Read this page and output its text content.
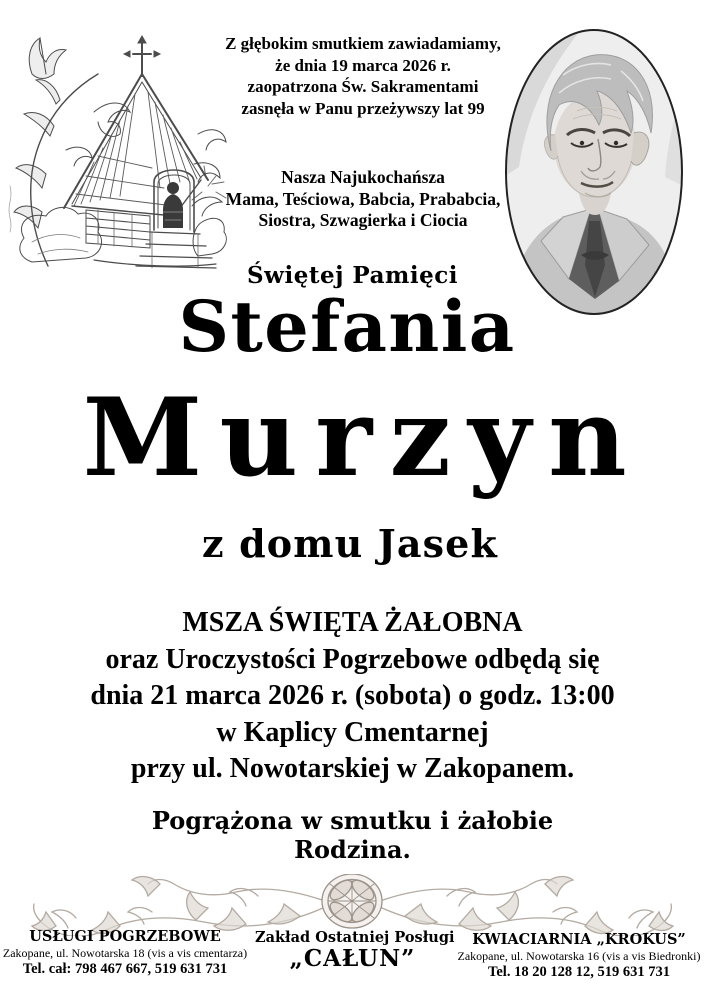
Z głębokim smutkiem zawiadamiamy,
że dnia 19 marca 2026 r.
zaopatrzona Św. Sakramentami
zasnęła w Panu przeżywszy lat 99
Nasza Najukochańsza
Mama, Teściowa, Babcia, Prababcia,
Siostra, Szwagierka i Ciocia
Świętej Pamięci
Stefania
Murzyn
z domu Jasek
MSZA ŚWIĘTA ŻAŁOBNA
oraz Uroczystości Pogrzebowe odbędą się
dnia 21 marca 2026 r. (sobota) o godz. 13:00
w Kaplicy Cmentarnej
przy ul. Nowotarskiej w Zakopanem.
Pogrążona w smutku i żałobie
Rodzina.
USŁUGI POGRZEBOWE
Zakopane, ul. Nowotarska 18 (vis a vis cmentarza)
Tel. cał: 798 467 667, 519 631 731
Zakład Ostatniej Posługi
„CAŁUN”
KWIACIARNIA „KROKUS”
Zakopane, ul. Nowotarska 16 (vis a vis Biedronki)
Tel. 18 20 128 12, 519 631 731
